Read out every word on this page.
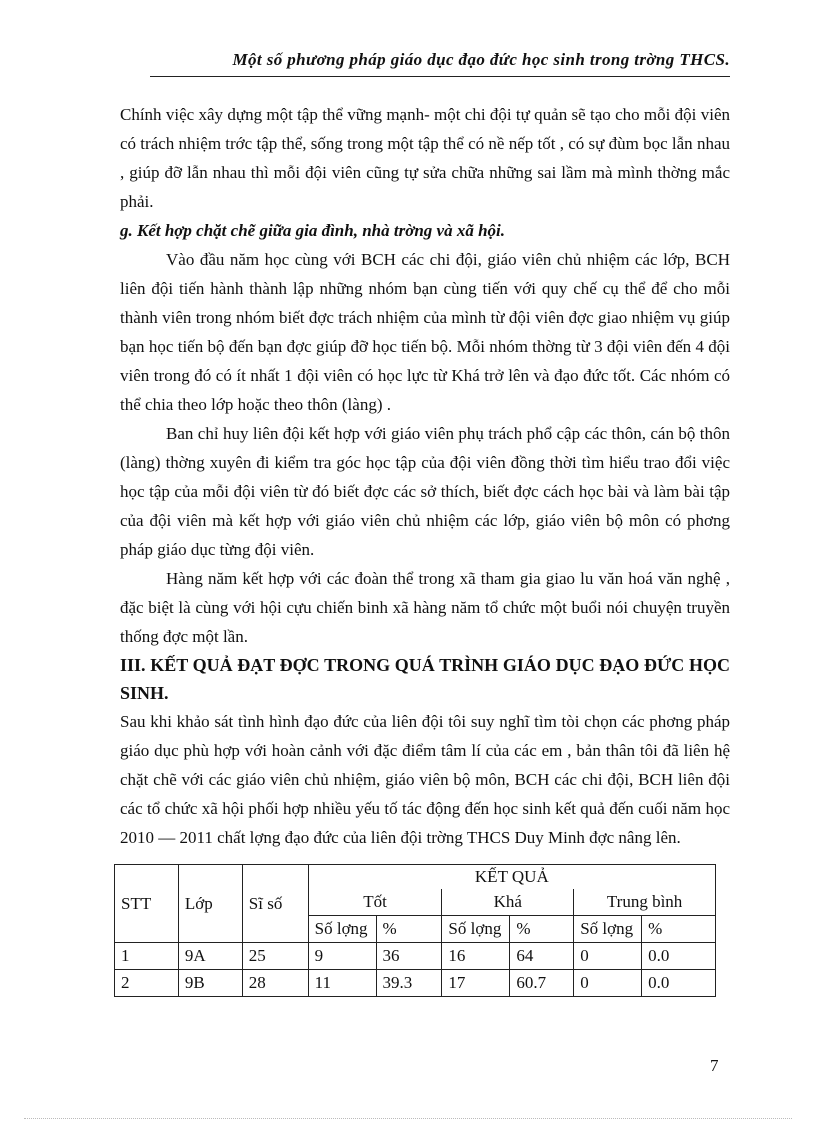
Một số phương pháp giáo dục đạo đức học sinh trong trờng THCS.

Chính việc xây dựng một tập thể vững mạnh- một chi đội tự quản sẽ tạo cho mỗi đội viên có trách nhiệm trớc tập thể, sống trong một tập thể có nề nếp tốt , có sự đùm bọc lẫn nhau , giúp đỡ lẫn nhau thì mỗi đội viên cũng tự sửa chữa những sai lầm mà mình thờng mắc phải.

g. Kết hợp chặt chẽ giữa gia đình, nhà trờng và xã hội.

Vào đầu năm học cùng với BCH các chi đội, giáo viên chủ nhiệm các lớp, BCH liên đội tiến hành thành lập những nhóm bạn cùng tiến với quy chế cụ thể để cho mỗi thành viên trong nhóm biết đợc trách nhiệm của mình từ đội viên đợc giao nhiệm vụ giúp bạn học tiến bộ đến bạn đợc giúp đỡ học tiến bộ. Mỗi nhóm thờng từ 3 đội viên đến 4 đội viên trong đó có ít nhất 1 đội viên có học lực từ Khá trở lên và đạo đức tốt. Các nhóm có thể chia theo lớp hoặc theo thôn (làng) .

Ban chỉ huy liên đội kết hợp với giáo viên phụ trách phổ cập các thôn, cán bộ thôn (làng) thờng xuyên đi kiểm tra góc học tập của đội viên đồng thời tìm hiểu trao đổi việc học tập của mỗi đội viên từ đó biết đợc các sở thích, biết đợc cách học bài và làm bài tập của đội viên mà kết hợp với giáo viên chủ nhiệm các lớp, giáo viên bộ môn có phơng pháp giáo dục từng đội viên.

Hàng năm kết hợp với các đoàn thể trong xã tham gia giao lu văn hoá văn nghệ , đặc biệt là cùng với hội cựu chiến binh xã hàng năm tổ chức một buổi nói chuyện truyền thống đợc một lần.

III. KẾT QUẢ ĐẠT ĐỢC TRONG QUÁ TRÌNH GIÁO DỤC ĐẠO ĐỨC HỌC SINH.

Sau khi khảo sát tình hình đạo đức của liên đội tôi suy nghĩ tìm tòi chọn các phơng pháp giáo dục phù hợp với hoàn cảnh với đặc điểm tâm lí của các em , bản thân tôi đã liên hệ chặt chẽ với các giáo viên chủ nhiệm, giáo viên bộ môn, BCH các chi đội, BCH liên đội các tổ chức xã hội phối hợp nhiều yếu tố tác động đến học sinh kết quả đến cuối năm học 2010 — 2011 chất lợng đạo đức của liên đội trờng THCS Duy Minh đợc nâng lên.

STT	Lớp	Sĩ số	KẾT QUẢ					
			Tốt		Khá		Trung bình	
			Số lợng	%	Số lợng	%	Số lợng	%
1	9A	25	9	36	16	64	0	0.0
2	9B	28	11	39.3	17	60.7	0	0.0
7
